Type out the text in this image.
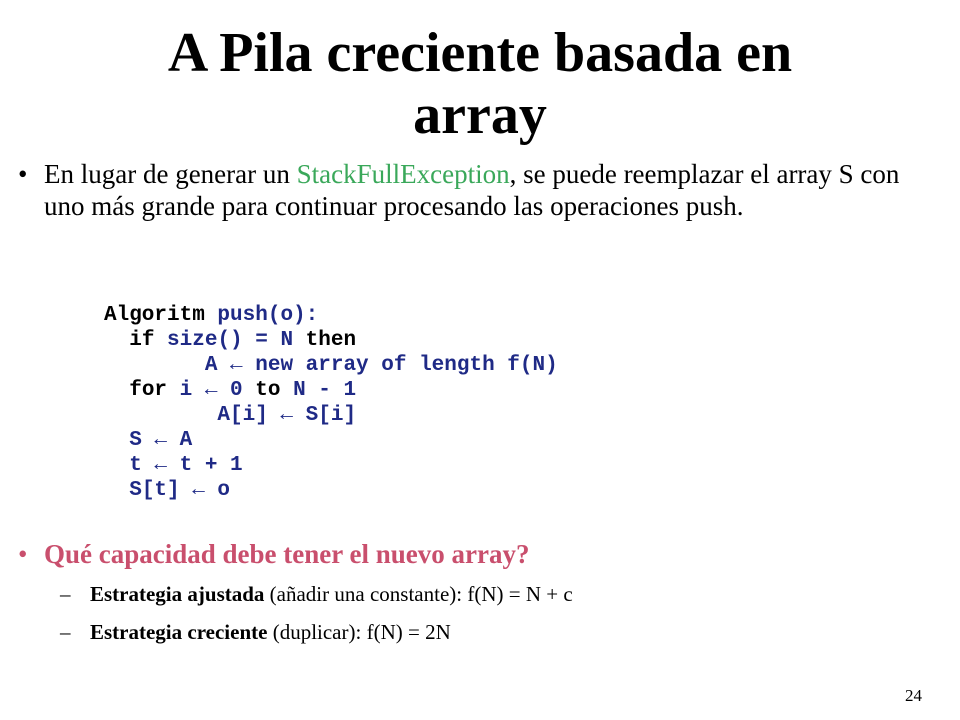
A Pila creciente basada en
array
• En lugar de generar un StackFullException, se puede reemplazar el array S con uno más grande para continuar procesando las operaciones push.
Algoritm push(o):
if size() = N then
A ← new array of length f(N)
for i ← 0 to N - 1
A[i] ← S[i]
S ← A
t ← t + 1
S[t] ← o
• Qué capacidad debe tener el nuevo array?
– Estrategia ajustada (añadir una constante): f(N) = N + c
– Estrategia creciente (duplicar): f(N) = 2N
24
